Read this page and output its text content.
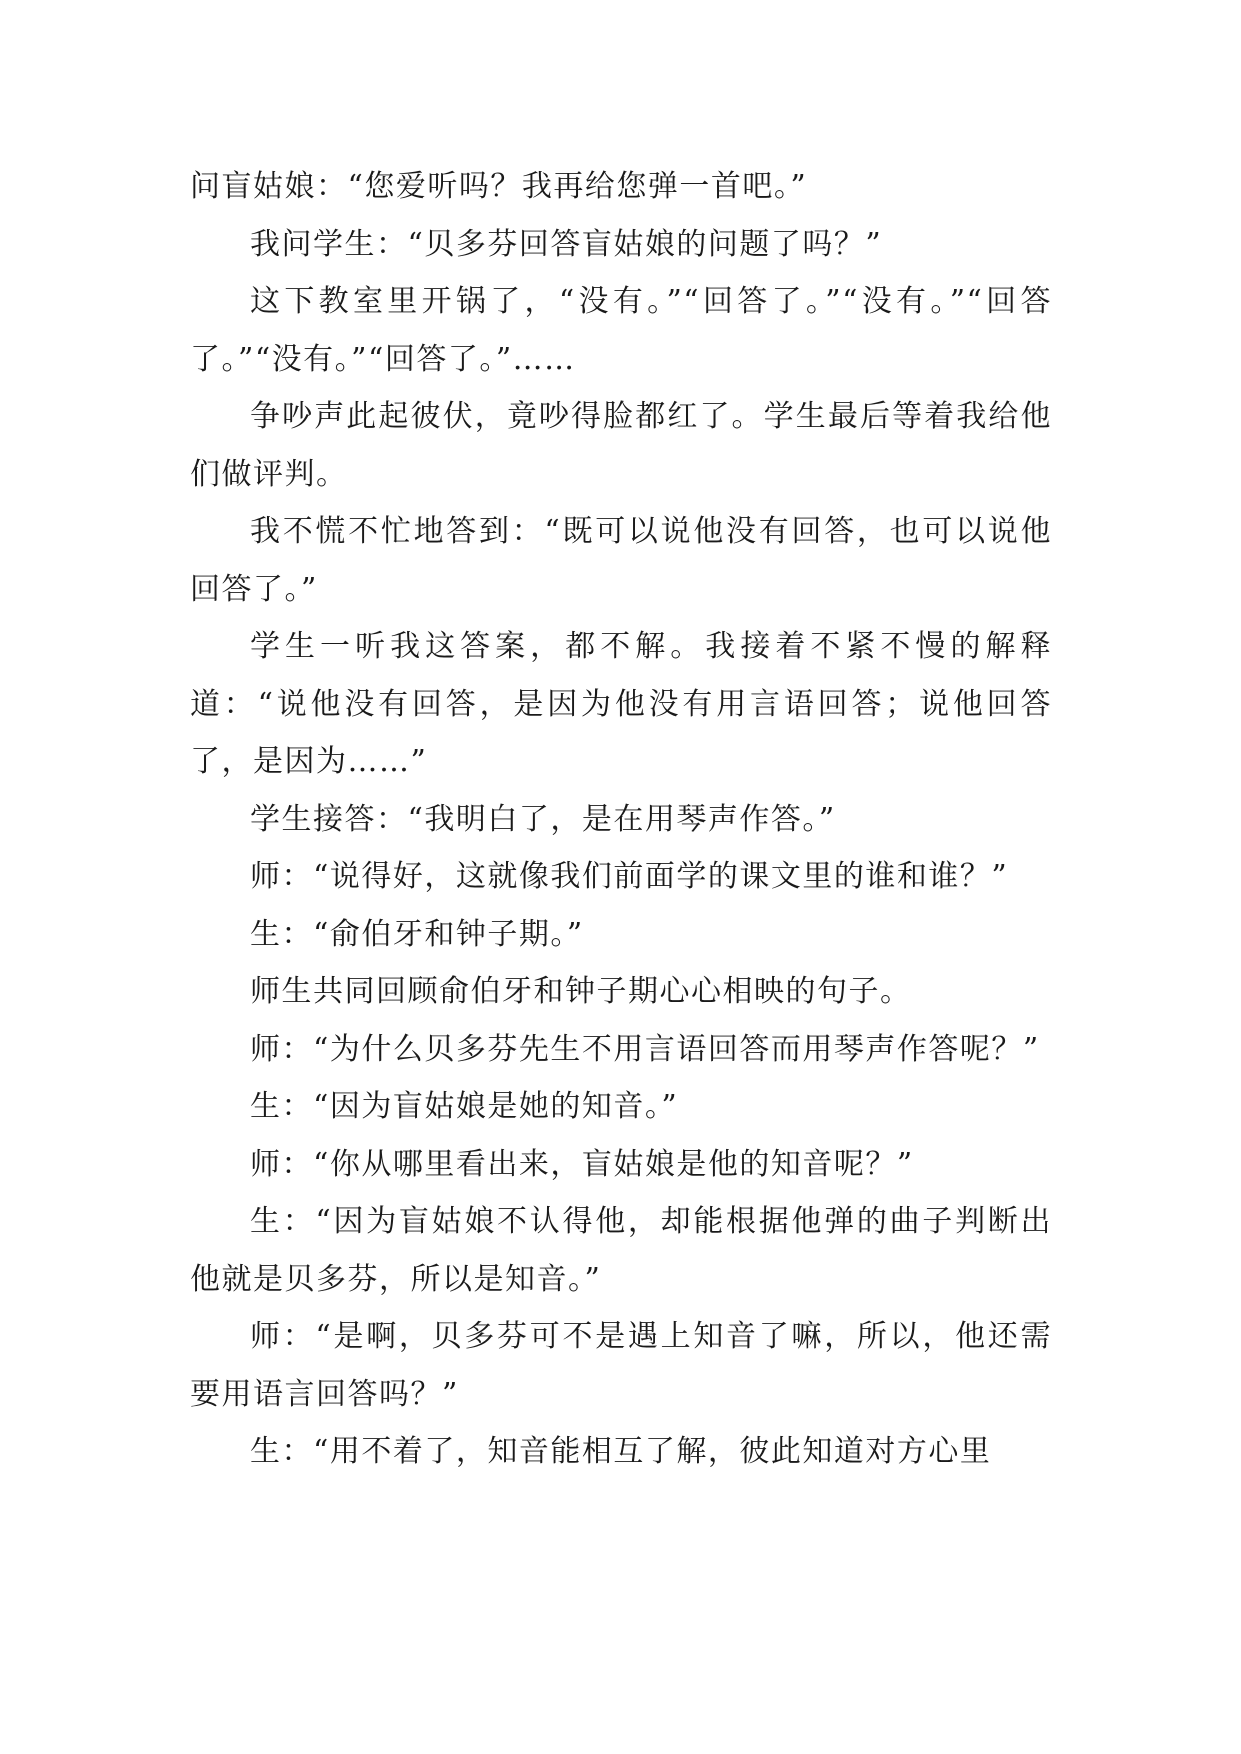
问盲姑娘：“您爱听吗？我再给您弹一首吧。”

我问学生：“贝多芬回答盲姑娘的问题了吗？”

这下教室里开锅了，“没有。”“回答了。”“没有。”“回答了。”“没有。”“回答了。”……

争吵声此起彼伏，竟吵得脸都红了。学生最后等着我给他们做评判。

我不慌不忙地答到：“既可以说他没有回答，也可以说他回答了。”

学生一听我这答案，都不解。我接着不紧不慢的解释道：“说他没有回答，是因为他没有用言语回答；说他回答了，是因为……”

学生接答：“我明白了，是在用琴声作答。”

师：“说得好，这就像我们前面学的课文里的谁和谁？”

生：“俞伯牙和钟子期。”

师生共同回顾俞伯牙和钟子期心心相映的句子。

师：“为什么贝多芬先生不用言语回答而用琴声作答呢？”

生：“因为盲姑娘是她的知音。”

师：“你从哪里看出来，盲姑娘是他的知音呢？”

生：“因为盲姑娘不认得他，却能根据他弹的曲子判断出他就是贝多芬，所以是知音。”

师：“是啊，贝多芬可不是遇上知音了嘛，所以，他还需要用语言回答吗？”

生：“用不着了，知音能相互了解，彼此知道对方心里
